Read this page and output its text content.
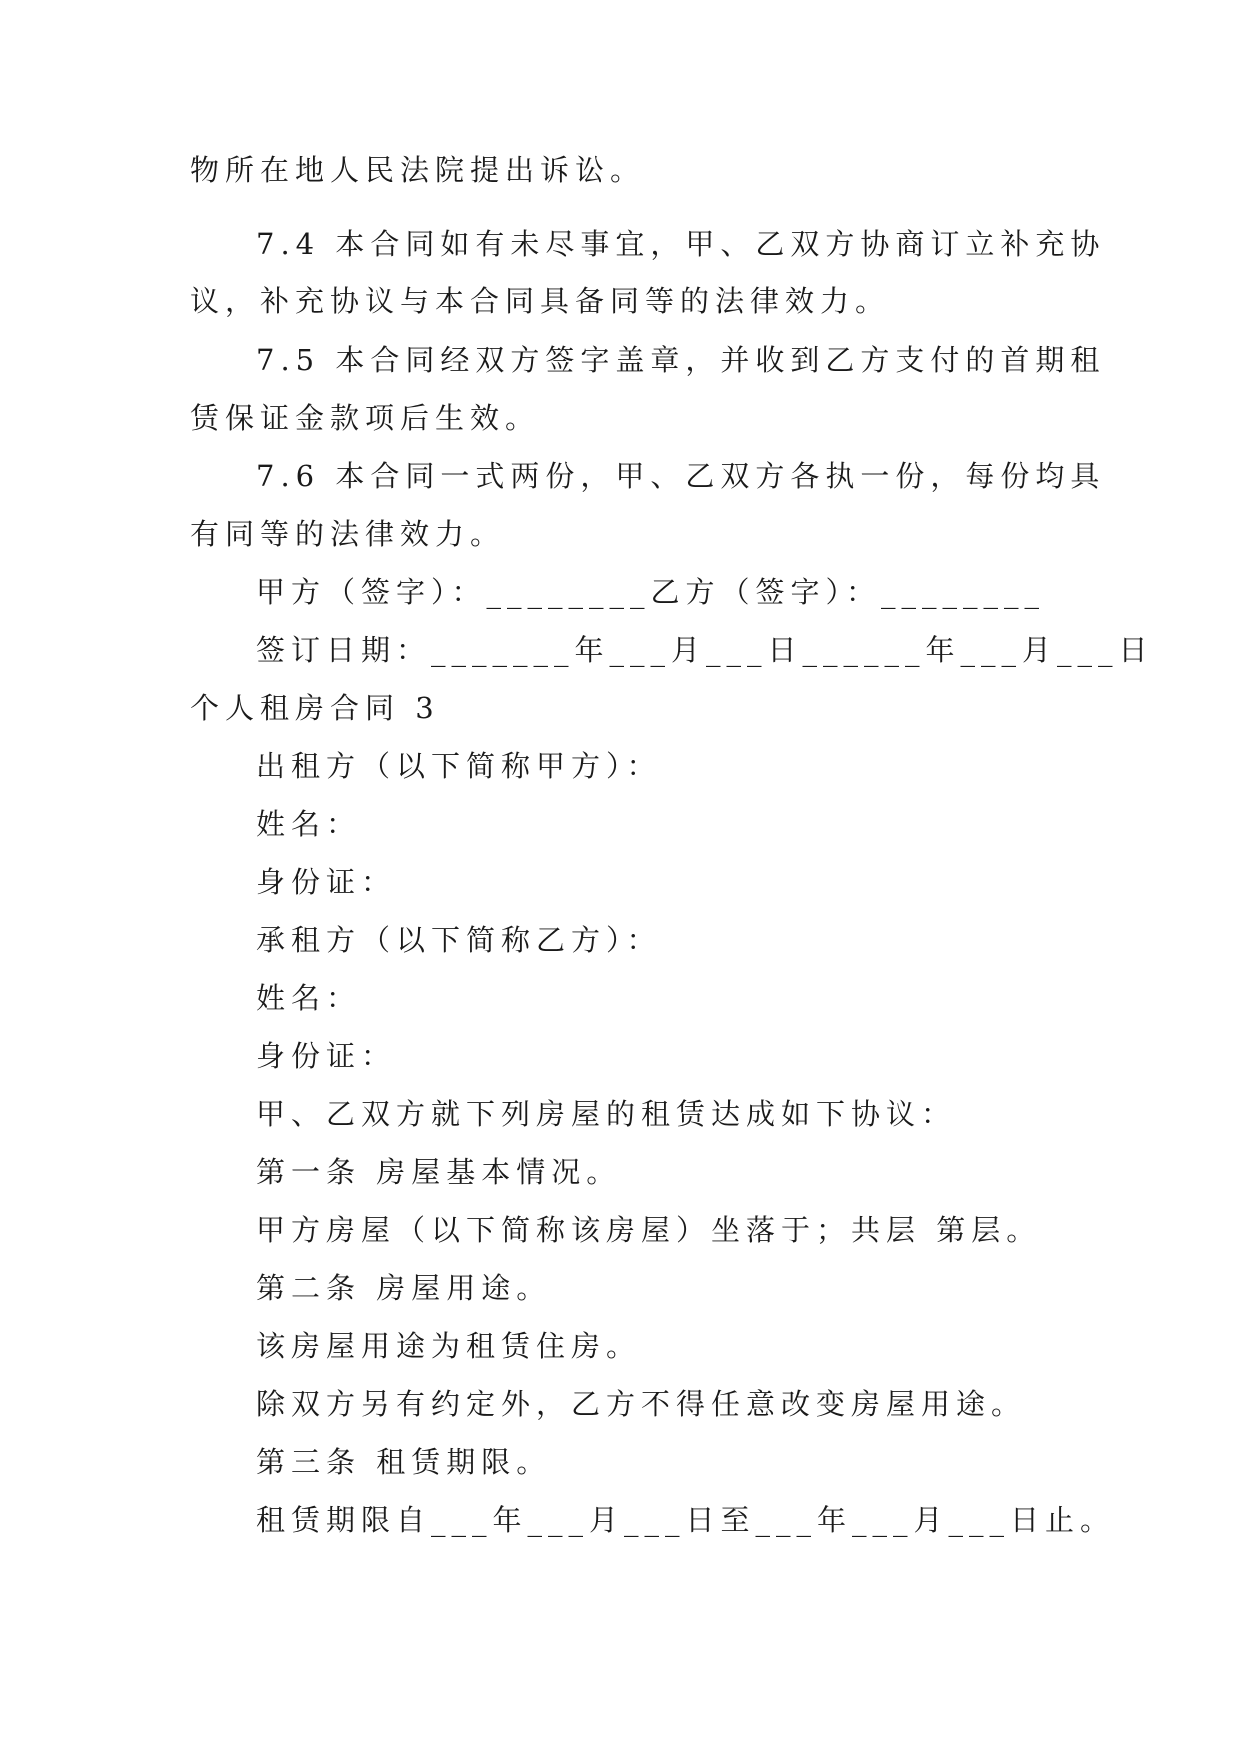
物所在地人民法院提出诉讼。
7.4 本合同如有未尽事宜，甲、乙双方协商订立补充协
议，补充协议与本合同具备同等的法律效力。
7.5 本合同经双方签字盖章，并收到乙方支付的首期租
赁保证金款项后生效。
7.6 本合同一式两份，甲、乙双方各执一份，每份均具
有同等的法律效力。
甲方（签字）：________乙方（签字）：________
签订日期：_______年___月___日______年___月___日
个人租房合同 3
出租方（以下简称甲方）：
姓名：
身份证：
承租方（以下简称乙方）：
姓名：
身份证：
甲、乙双方就下列房屋的租赁达成如下协议：
第一条 房屋基本情况。
甲方房屋（以下简称该房屋）坐落于；共层 第层。
第二条 房屋用途。
该房屋用途为租赁住房。
除双方另有约定外，乙方不得任意改变房屋用途。
第三条 租赁期限。
租赁期限自___年___月___日至___年___月___日止。
